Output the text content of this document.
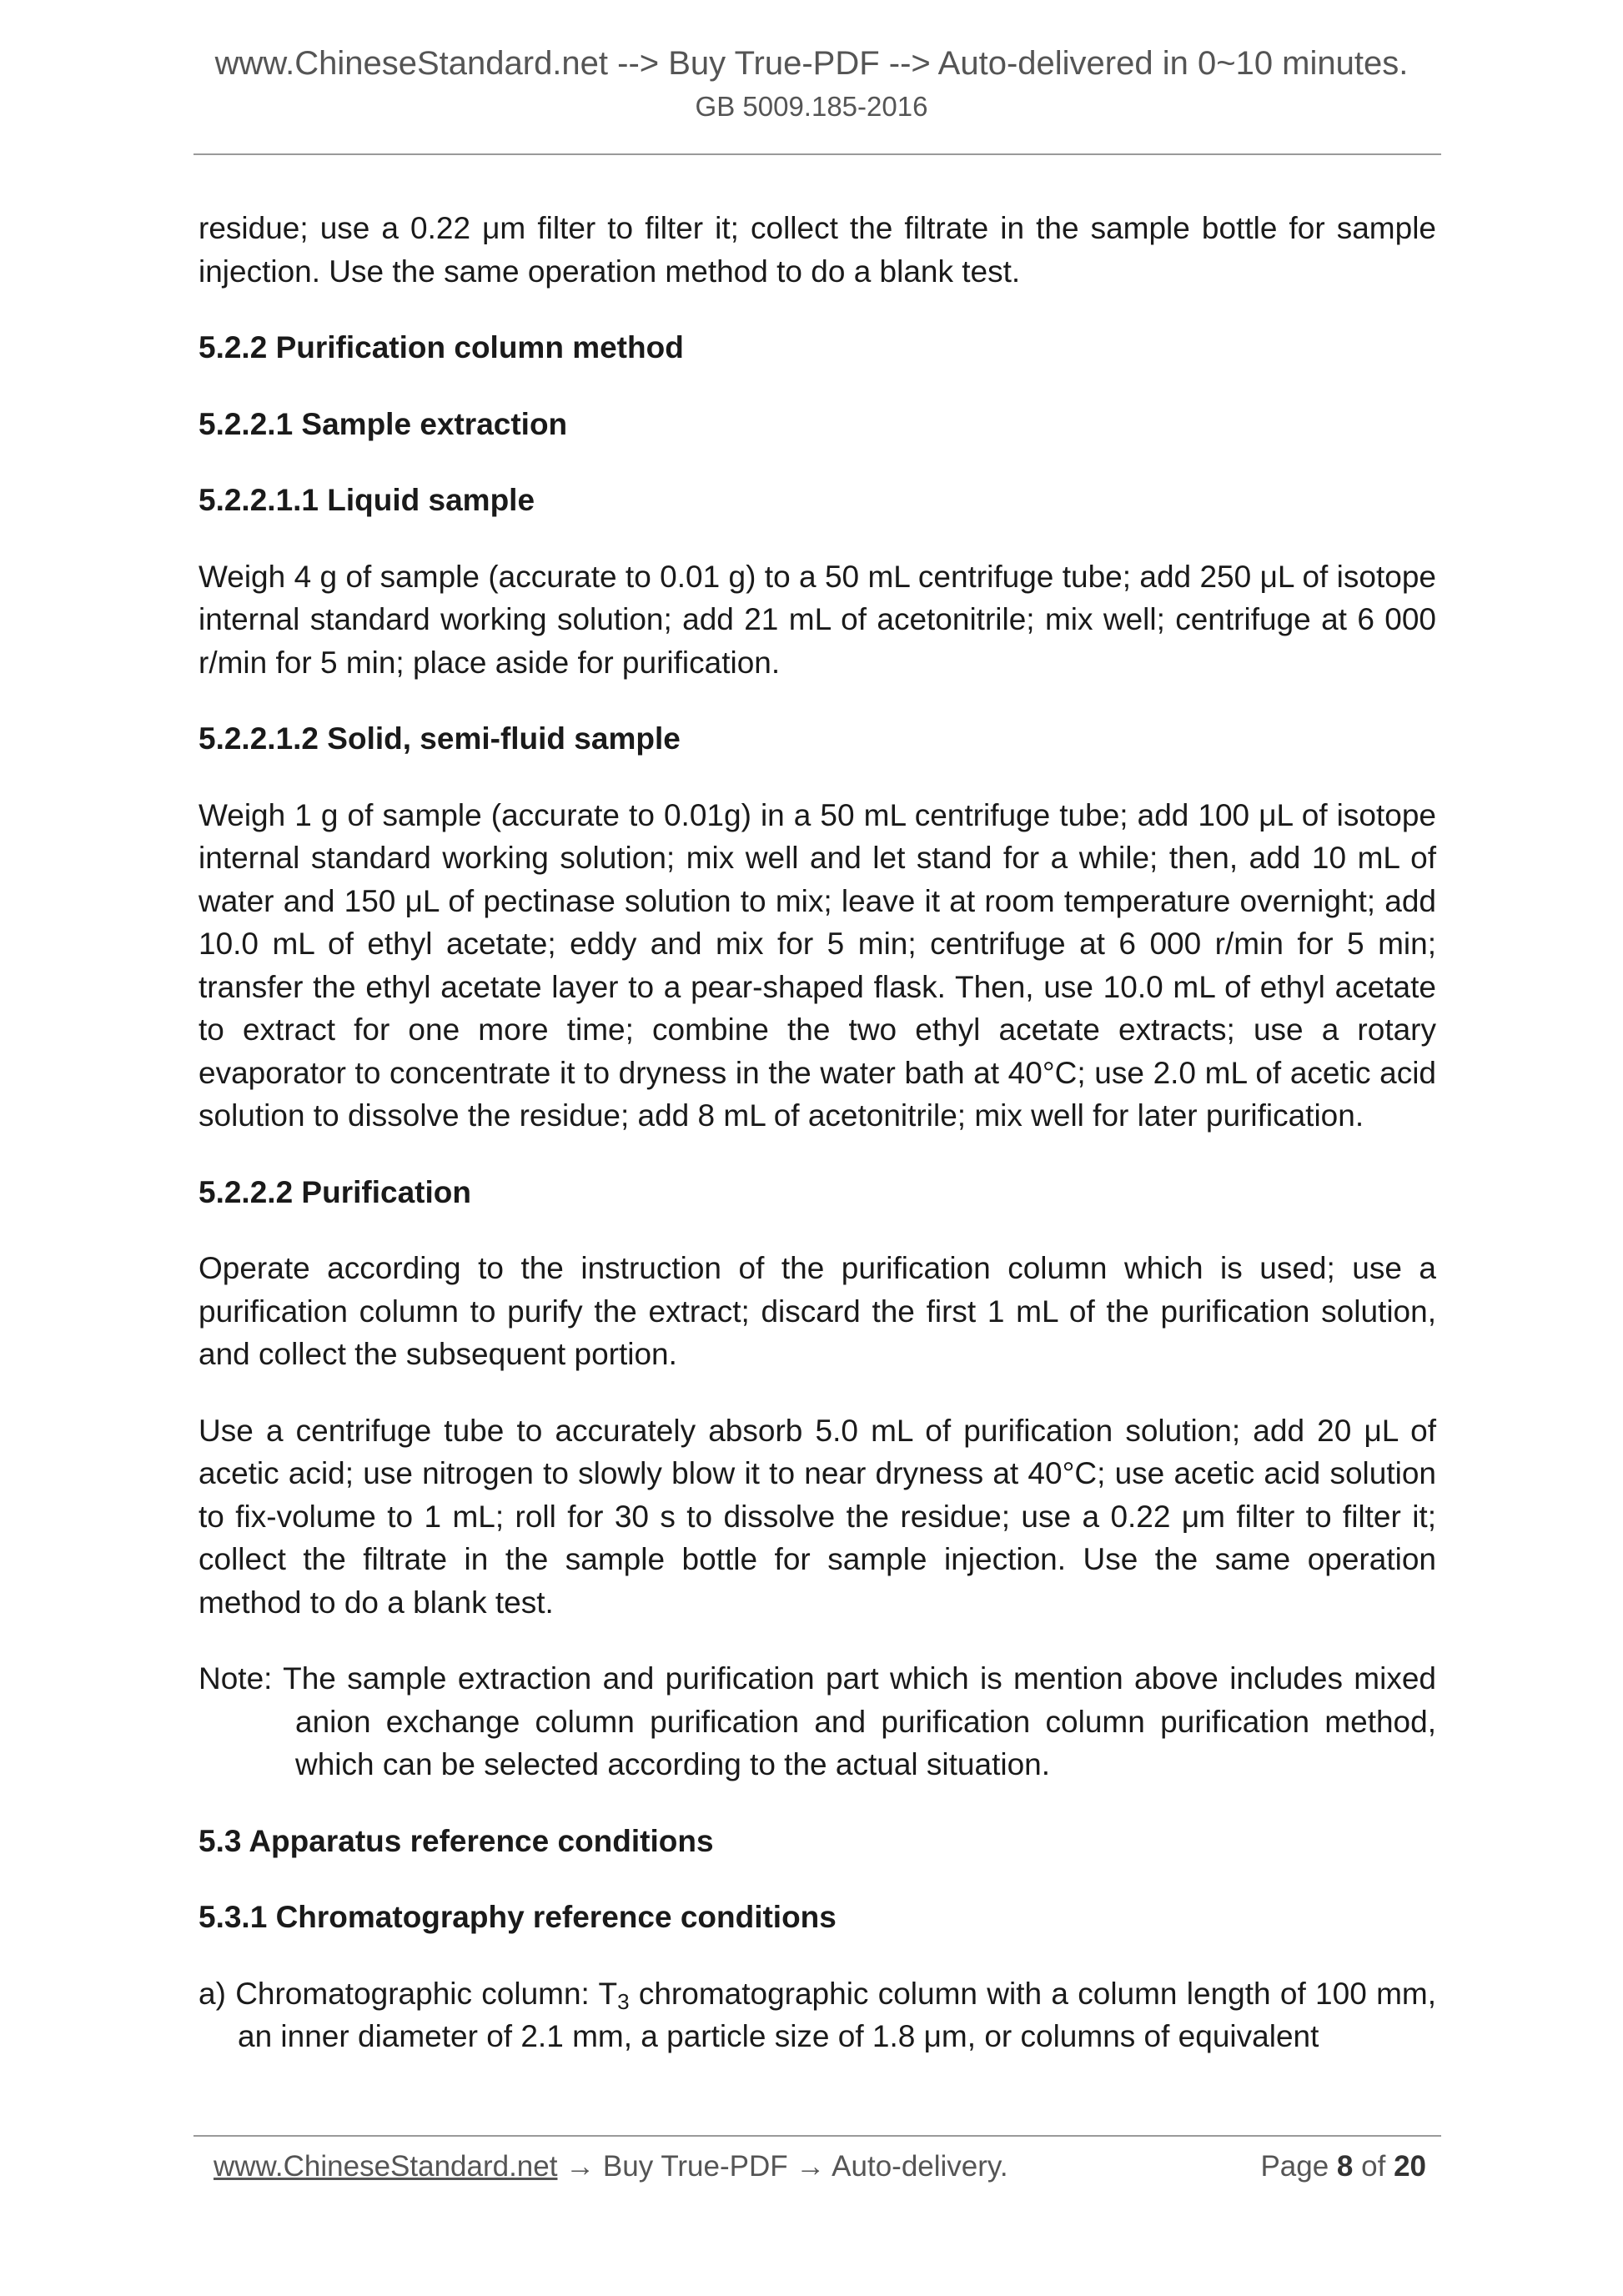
www.ChineseStandard.net --> Buy True-PDF --> Auto-delivered in 0~10 minutes.
GB 5009.185-2016

residue; use a 0.22 μm filter to filter it; collect the filtrate in the sample bottle for sample injection. Use the same operation method to do a blank test.

5.2.2 Purification column method
5.2.2.1 Sample extraction
5.2.2.1.1 Liquid sample

Weigh 4 g of sample (accurate to 0.01 g) to a 50 mL centrifuge tube; add 250 μL of isotope internal standard working solution; add 21 mL of acetonitrile; mix well; centrifuge at 6 000 r/min for 5 min; place aside for purification.

5.2.2.1.2 Solid, semi-fluid sample

Weigh 1 g of sample (accurate to 0.01g) in a 50 mL centrifuge tube; add 100 μL of isotope internal standard working solution; mix well and let stand for a while; then, add 10 mL of water and 150 μL of pectinase solution to mix; leave it at room temperature overnight; add 10.0 mL of ethyl acetate; eddy and mix for 5 min; centrifuge at 6 000 r/min for 5 min; transfer the ethyl acetate layer to a pear-shaped flask. Then, use 10.0 mL of ethyl acetate to extract for one more time; combine the two ethyl acetate extracts; use a rotary evaporator to concentrate it to dryness in the water bath at 40°C; use 2.0 mL of acetic acid solution to dissolve the residue; add 8 mL of acetonitrile; mix well for later purification.

5.2.2.2 Purification

Operate according to the instruction of the purification column which is used; use a purification column to purify the extract; discard the first 1 mL of the purification solution, and collect the subsequent portion.

Use a centrifuge tube to accurately absorb 5.0 mL of purification solution; add 20 μL of acetic acid; use nitrogen to slowly blow it to near dryness at 40°C; use acetic acid solution to fix-volume to 1 mL; roll for 30 s to dissolve the residue; use a 0.22 μm filter to filter it; collect the filtrate in the sample bottle for sample injection. Use the same operation method to do a blank test.

Note: The sample extraction and purification part which is mention above includes mixed anion exchange column purification and purification column purification method, which can be selected according to the actual situation.

5.3 Apparatus reference conditions
5.3.1 Chromatography reference conditions

a) Chromatographic column: $T_3$ chromatographic column with a column length of 100 mm, an inner diameter of 2.1 mm, a particle size of 1.8 μm, or columns of equivalent

www.ChineseStandard.net → Buy True-PDF → Auto-delivery.	Page 8 of 20
